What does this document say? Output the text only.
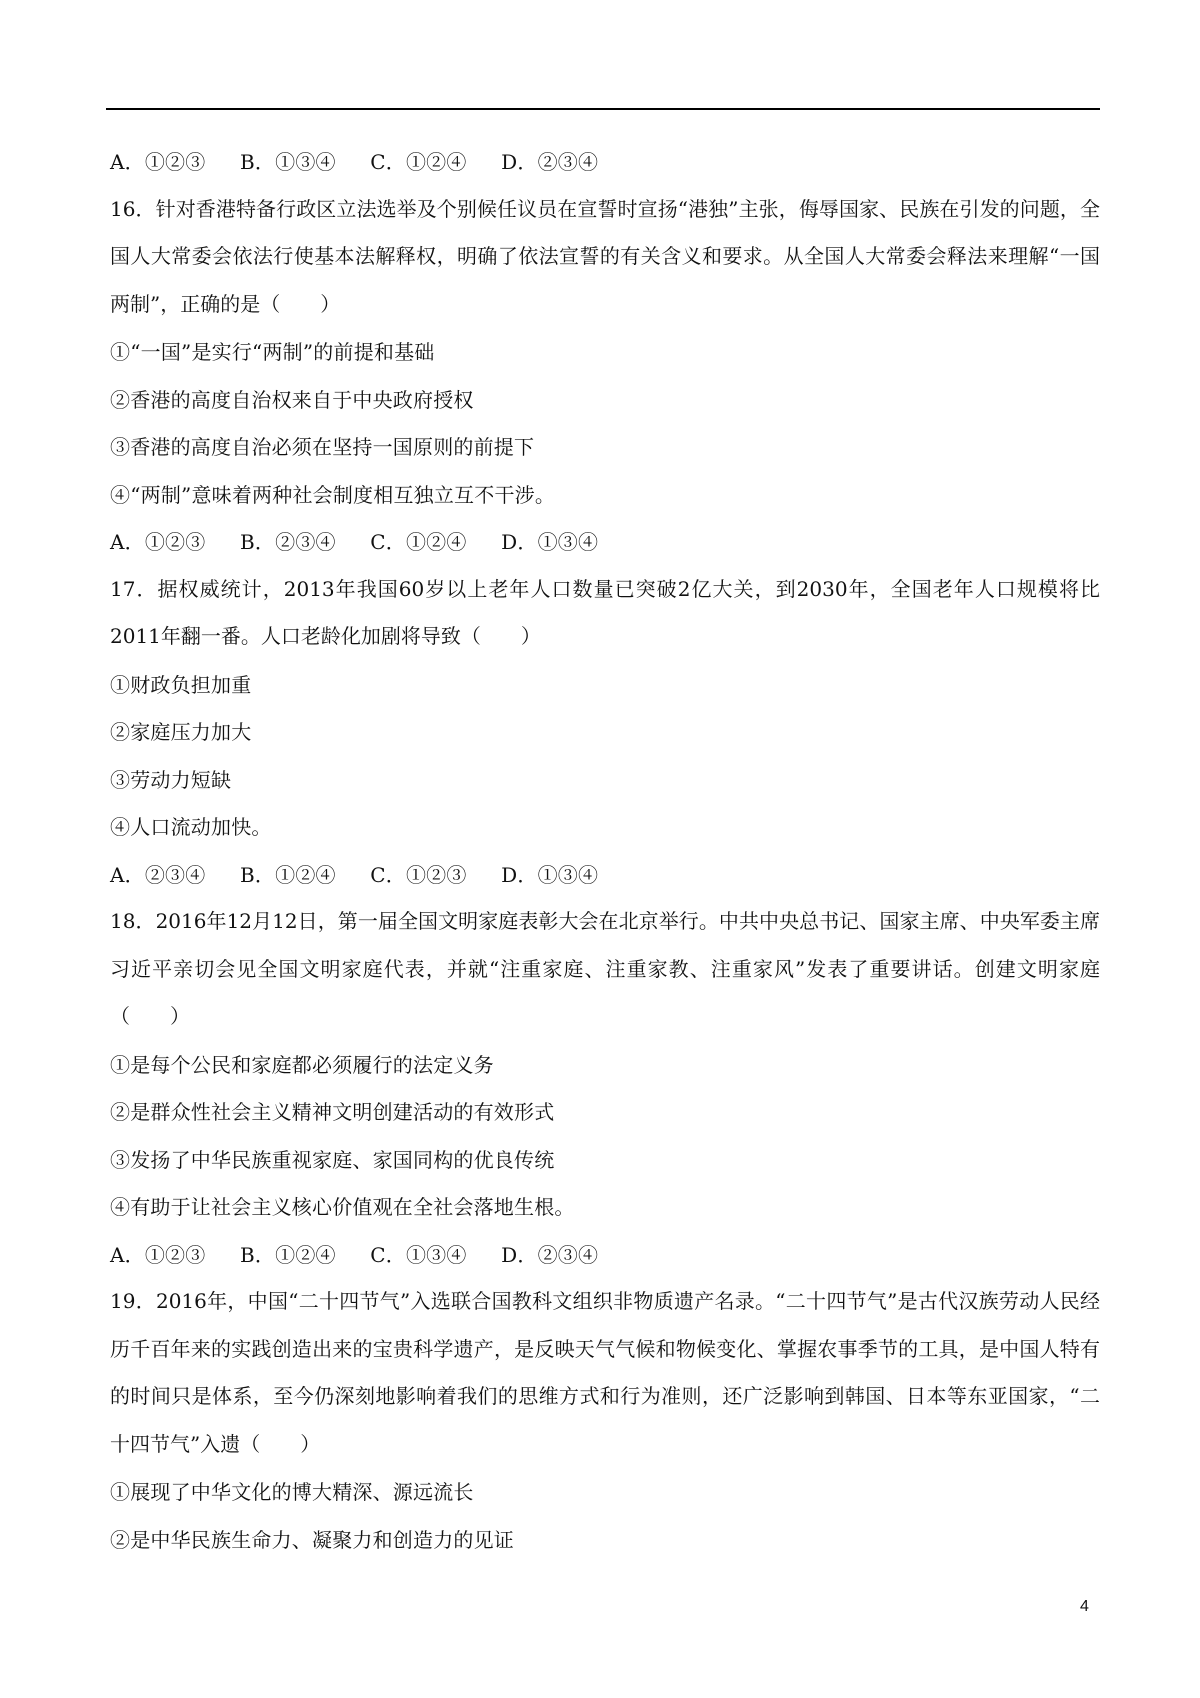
A．①②③ B．①③④ C．①②④ D．②③④
16．针对香港特备行政区立法选举及个别候任议员在宣誓时宣扬“港独”主张，侮辱国家、民族在引发的问题，全国人大常委会依法行使基本法解释权，明确了依法宣誓的有关含义和要求。从全国人大常委会释法来理解“一国两制”，正确的是（　　）
①“一国”是实行“两制”的前提和基础
②香港的高度自治权来自于中央政府授权
③香港的高度自治必须在坚持一国原则的前提下
④“两制”意味着两种社会制度相互独立互不干涉。
A．①②③ B．②③④ C．①②④ D．①③④
17．据权威统计，2013年我国60岁以上老年人口数量已突破2亿大关，到2030年，全国老年人口规模将比2011年翻一番。人口老龄化加剧将导致（　　）
①财政负担加重
②家庭压力加大
③劳动力短缺
④人口流动加快。
A．②③④ B．①②④ C．①②③ D．①③④
18．2016年12月12日，第一届全国文明家庭表彰大会在北京举行。中共中央总书记、国家主席、中央军委主席习近平亲切会见全国文明家庭代表，并就“注重家庭、注重家教、注重家风”发表了重要讲话。创建文明家庭（　　）
①是每个公民和家庭都必须履行的法定义务
②是群众性社会主义精神文明创建活动的有效形式
③发扬了中华民族重视家庭、家国同构的优良传统
④有助于让社会主义核心价值观在全社会落地生根。
A．①②③ B．①②④ C．①③④ D．②③④
19．2016年，中国“二十四节气”入选联合国教科文组织非物质遗产名录。“二十四节气”是古代汉族劳动人民经历千百年来的实践创造出来的宝贵科学遗产，是反映天气气候和物候变化、掌握农事季节的工具，是中国人特有的时间只是体系，至今仍深刻地影响着我们的思维方式和行为准则，还广泛影响到韩国、日本等东亚国家，“二十四节气”入遗（　　）
①展现了中华文化的博大精深、源远流长
②是中华民族生命力、凝聚力和创造力的见证
4
